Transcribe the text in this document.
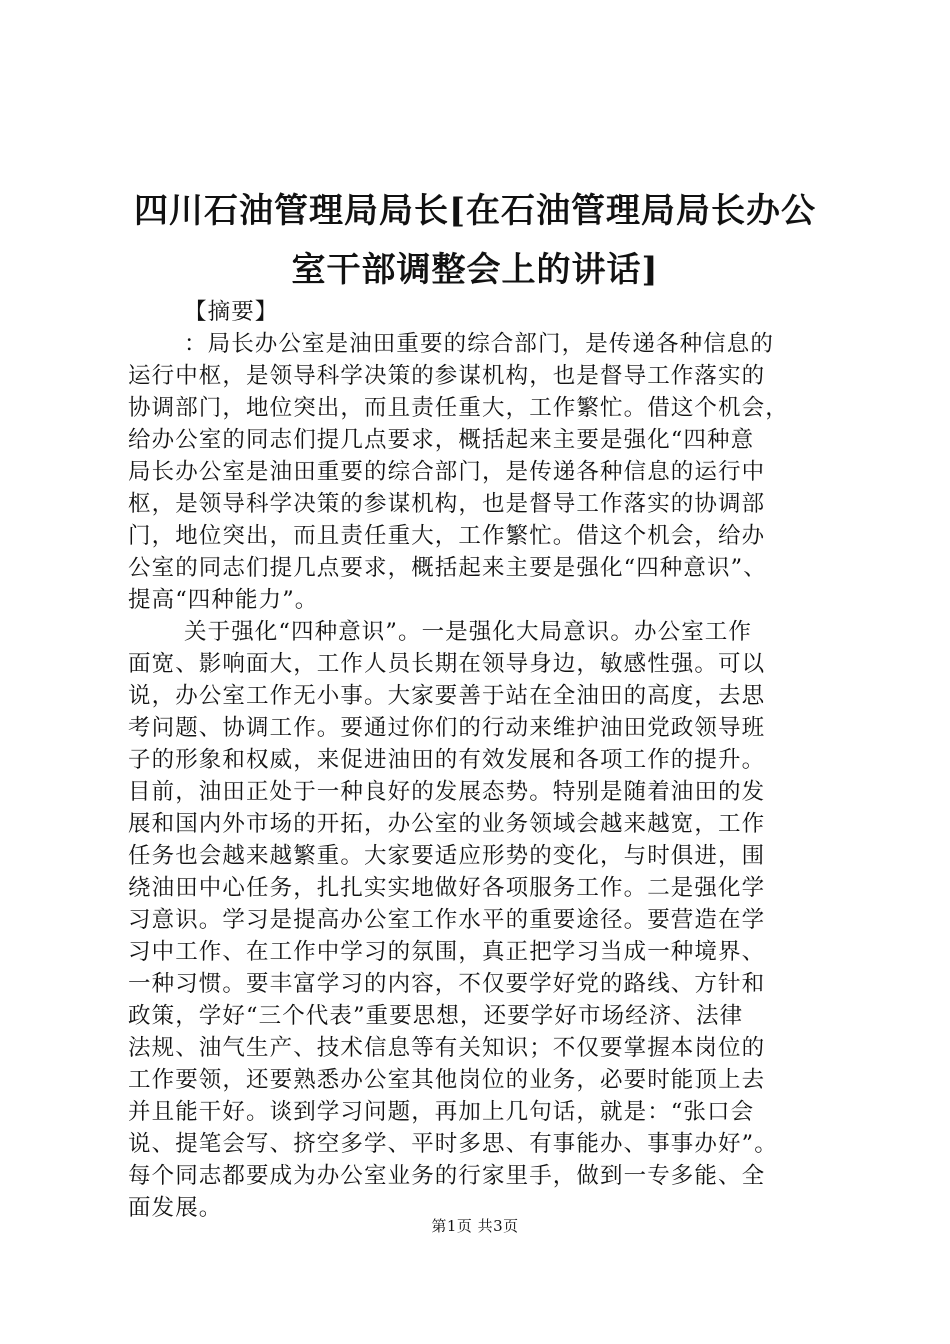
四川石油管理局局长[在石油管理局局长办公
室干部调整会上的讲话]

【摘要】

：局长办公室是油田重要的综合部门，是传递各种信息的
运行中枢，是领导科学决策的参谋机构，也是督导工作落实的
协调部门，地位突出，而且责任重大，工作繁忙。借这个机会，
给办公室的同志们提几点要求，概括起来主要是强化“四种意
局长办公室是油田重要的综合部门，是传递各种信息的运行中
枢，是领导科学决策的参谋机构，也是督导工作落实的协调部
门，地位突出，而且责任重大，工作繁忙。借这个机会，给办
公室的同志们提几点要求，概括起来主要是强化“四种意识”、
提高“四种能力”。

关于强化“四种意识”。一是强化大局意识。办公室工作
面宽、影响面大，工作人员长期在领导身边，敏感性强。可以
说，办公室工作无小事。大家要善于站在全油田的高度，去思
考问题、协调工作。要通过你们的行动来维护油田党政领导班
子的形象和权威，来促进油田的有效发展和各项工作的提升。
目前，油田正处于一种良好的发展态势。特别是随着油田的发
展和国内外市场的开拓，办公室的业务领域会越来越宽，工作
任务也会越来越繁重。大家要适应形势的变化，与时俱进，围
绕油田中心任务，扎扎实实地做好各项服务工作。二是强化学
习意识。学习是提高办公室工作水平的重要途径。要营造在学
习中工作、在工作中学习的氛围，真正把学习当成一种境界、
一种习惯。要丰富学习的内容，不仅要学好党的路线、方针和
政策，学好“三个代表”重要思想，还要学好市场经济、法律
法规、油气生产、技术信息等有关知识；不仅要掌握本岗位的
工作要领，还要熟悉办公室其他岗位的业务，必要时能顶上去
并且能干好。谈到学习问题，再加上几句话，就是：“张口会
说、提笔会写、挤空多学、平时多思、有事能办、事事办好”。
每个同志都要成为办公室业务的行家里手，做到一专多能、全
面发展。

第1页 共3页
